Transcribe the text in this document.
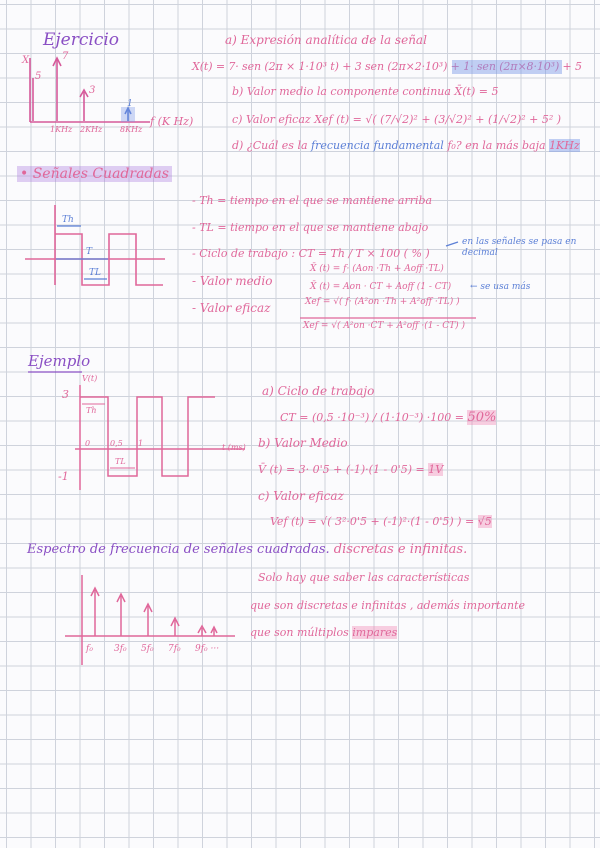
Ejercicio	a) Expresión analítica de la señal
X(t) = 7· sen (2π × 1·10³ t) + 3 sen (2π×2·10³) + 1· sen (2π×8·10³) + 5
X
5
7
3
1
1KHz 2KHz 8KHz
f (K Hz)
b) Valor medio la componente continua X̄(t) = 5
c) Valor eficaz Xef (t) = √( (7/√2)² + (3/√2)² + (1/√2)² + 5² )
d) ¿Cuál es la frecuencia fundamental f₀? en la más baja 1KHz
• Señales Cuadradas
Th
T
TL
- Th = tiempo en el que se mantiene arriba
- TL = tiempo en el que se mantiene abajo
- Ciclo de trabajo : CT = Th / T × 100 ( % )
en las señales se pasa en decimal
- Valor medio
X̄ (t) = f· (Aon ·Th + Aoff ·TL)
X̄ (t) = Aon · CT + Aoff (1 - CT) ← se usa más
- Valor eficaz	Xef = √( f· (A²on ·Th + A²off ·TL) )
Xef = √( A²on ·CT + A²off ·(1 - CT) )
Ejemplo
V(t)
3
-1
Th
TL
0 0,5 1	t (ms)
a) Ciclo de trabajo
CT = (0,5 ·10⁻³) / (1·10⁻³) ·100 = 50%
b) Valor Medio
V̄ (t) = 3· 0'5 + (-1)·(1 - 0'5) = 1V
c) Valor eficaz
Vef (t) = √( 3²·0'5 + (-1)²·(1 - 0'5) ) = √5
Espectro de frecuencia de señales cuadradas. discretas e infinitas.
f₀ 3f₀ 5f₀ 7f₀ 9f₀ ···
Solo hay que saber las características
que son discretas e infinitas , además importante
que son múltiplos impares
